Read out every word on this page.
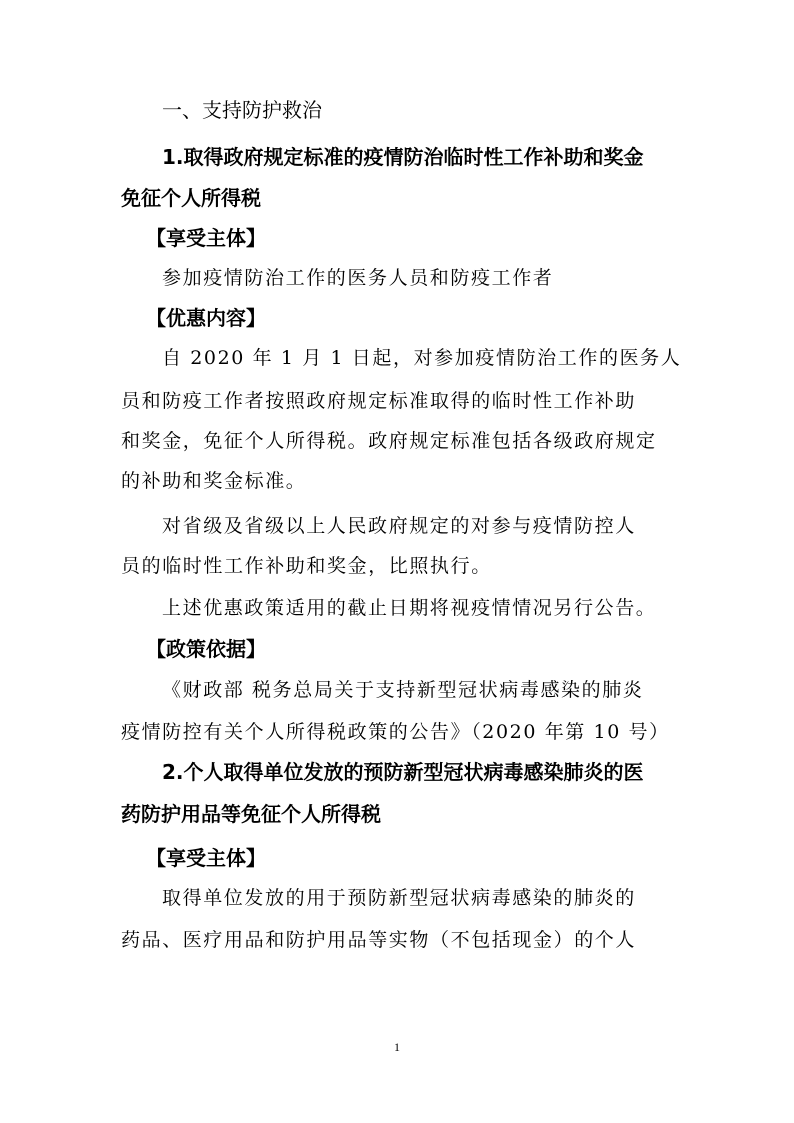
一、支持防护救治
1.取得政府规定标准的疫情防治临时性工作补助和奖金
免征个人所得税
【享受主体】
参加疫情防治工作的医务人员和防疫工作者
【优惠内容】
自 2020 年 1 月 1 日起，对参加疫情防治工作的医务人
员和防疫工作者按照政府规定标准取得的临时性工作补助
和奖金，免征个人所得税。政府规定标准包括各级政府规定
的补助和奖金标准。
对省级及省级以上人民政府规定的对参与疫情防控人
员的临时性工作补助和奖金，比照执行。
上述优惠政策适用的截止日期将视疫情情况另行公告。
【政策依据】
《财政部 税务总局关于支持新型冠状病毒感染的肺炎
疫情防控有关个人所得税政策的公告》（2020 年第 10 号）
2.个人取得单位发放的预防新型冠状病毒感染肺炎的医
药防护用品等免征个人所得税
【享受主体】
取得单位发放的用于预防新型冠状病毒感染的肺炎的
药品、医疗用品和防护用品等实物（不包括现金）的个人
1
